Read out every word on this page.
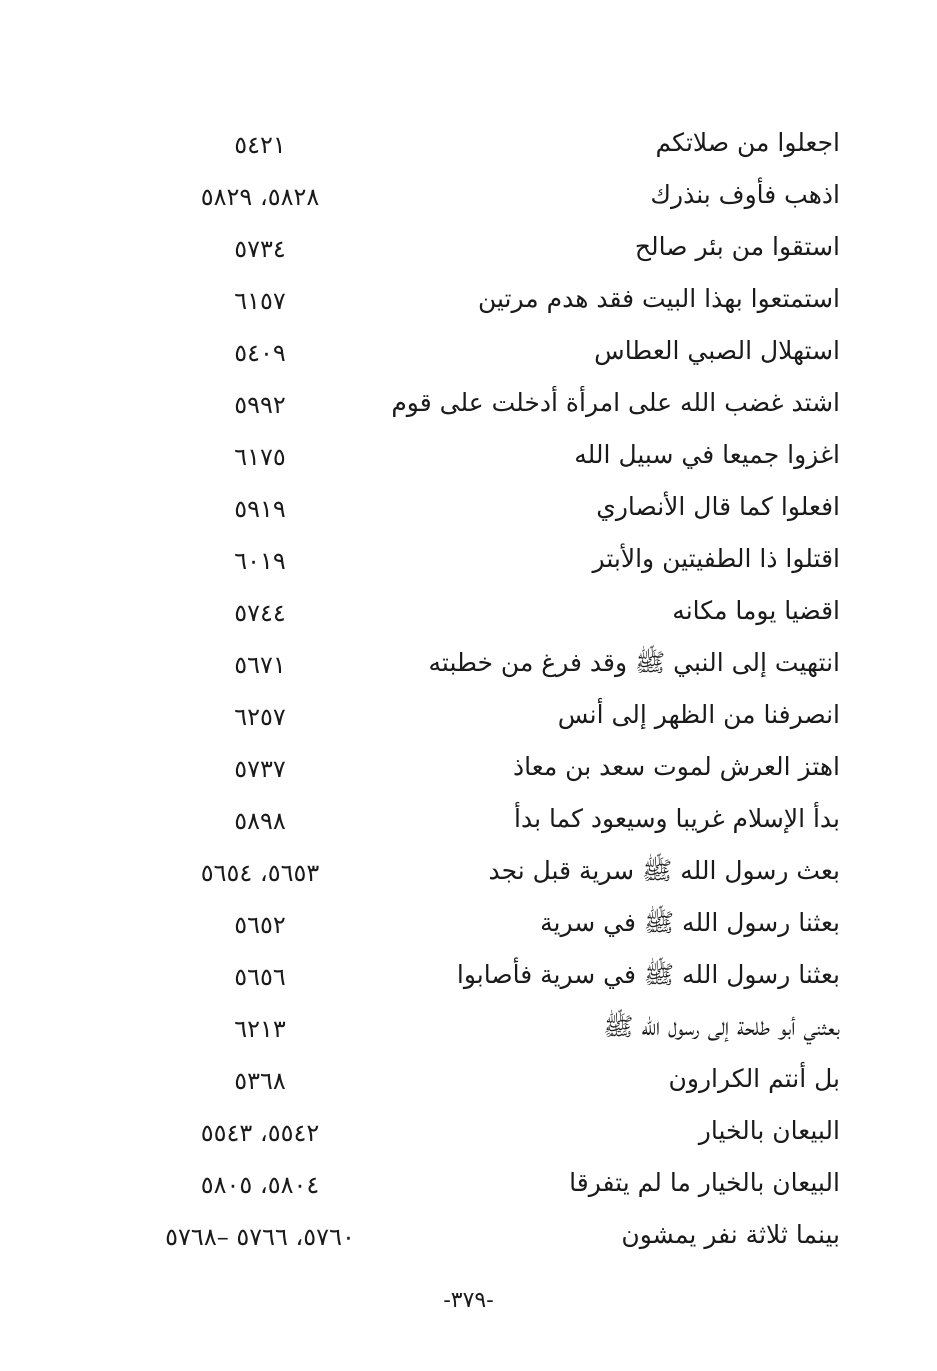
اجعلوا من صلاتكم
٥٤٢١
اذهب فأوف بنذرك
٥٨٢٨، ٥٨٢٩
استقوا من بئر صالح
٥٧٣٤
استمتعوا بهذا البيت فقد هدم مرتين
٦١٥٧
استهلال الصبي العطاس
٥٤٠٩
اشتد غضب الله على امرأة أدخلت على قوم
٥٩٩٢
اغزوا جميعا في سبيل الله
٦١٧٥
افعلوا كما قال الأنصاري
٥٩١٩
اقتلوا ذا الطفيتين والأبتر
٦٠١٩
اقضيا يوما مكانه
٥٧٤٤
انتهيت إلى النبي ﷺ وقد فرغ من خطبته
٥٦٧١
انصرفنا من الظهر إلى أنس
٦٢٥٧
اهتز العرش لموت سعد بن معاذ
٥٧٣٧
بدأ الإسلام غريبا وسيعود كما بدأ
٥٨٩٨
بعث رسول الله ﷺ سرية قبل نجد
٥٦٥٣، ٥٦٥٤
بعثنا رسول الله ﷺ في سرية
٥٦٥٢
بعثنا رسول الله ﷺ في سرية فأصابوا
٥٦٥٦
بعثني أبو طلحة إلى رسول الله ﷺ
٦٢١٣
بل أنتم الكرارون
٥٣٦٨
البيعان بالخيار
٥٥٤٢، ٥٥٤٣
البيعان بالخيار ما لم يتفرقا
٥٨٠٤، ٥٨٠٥
بينما ثلاثة نفر يمشون
٥٧٦٠، ٥٧٦٦ –٥٧٦٨
-٣٧٩-
